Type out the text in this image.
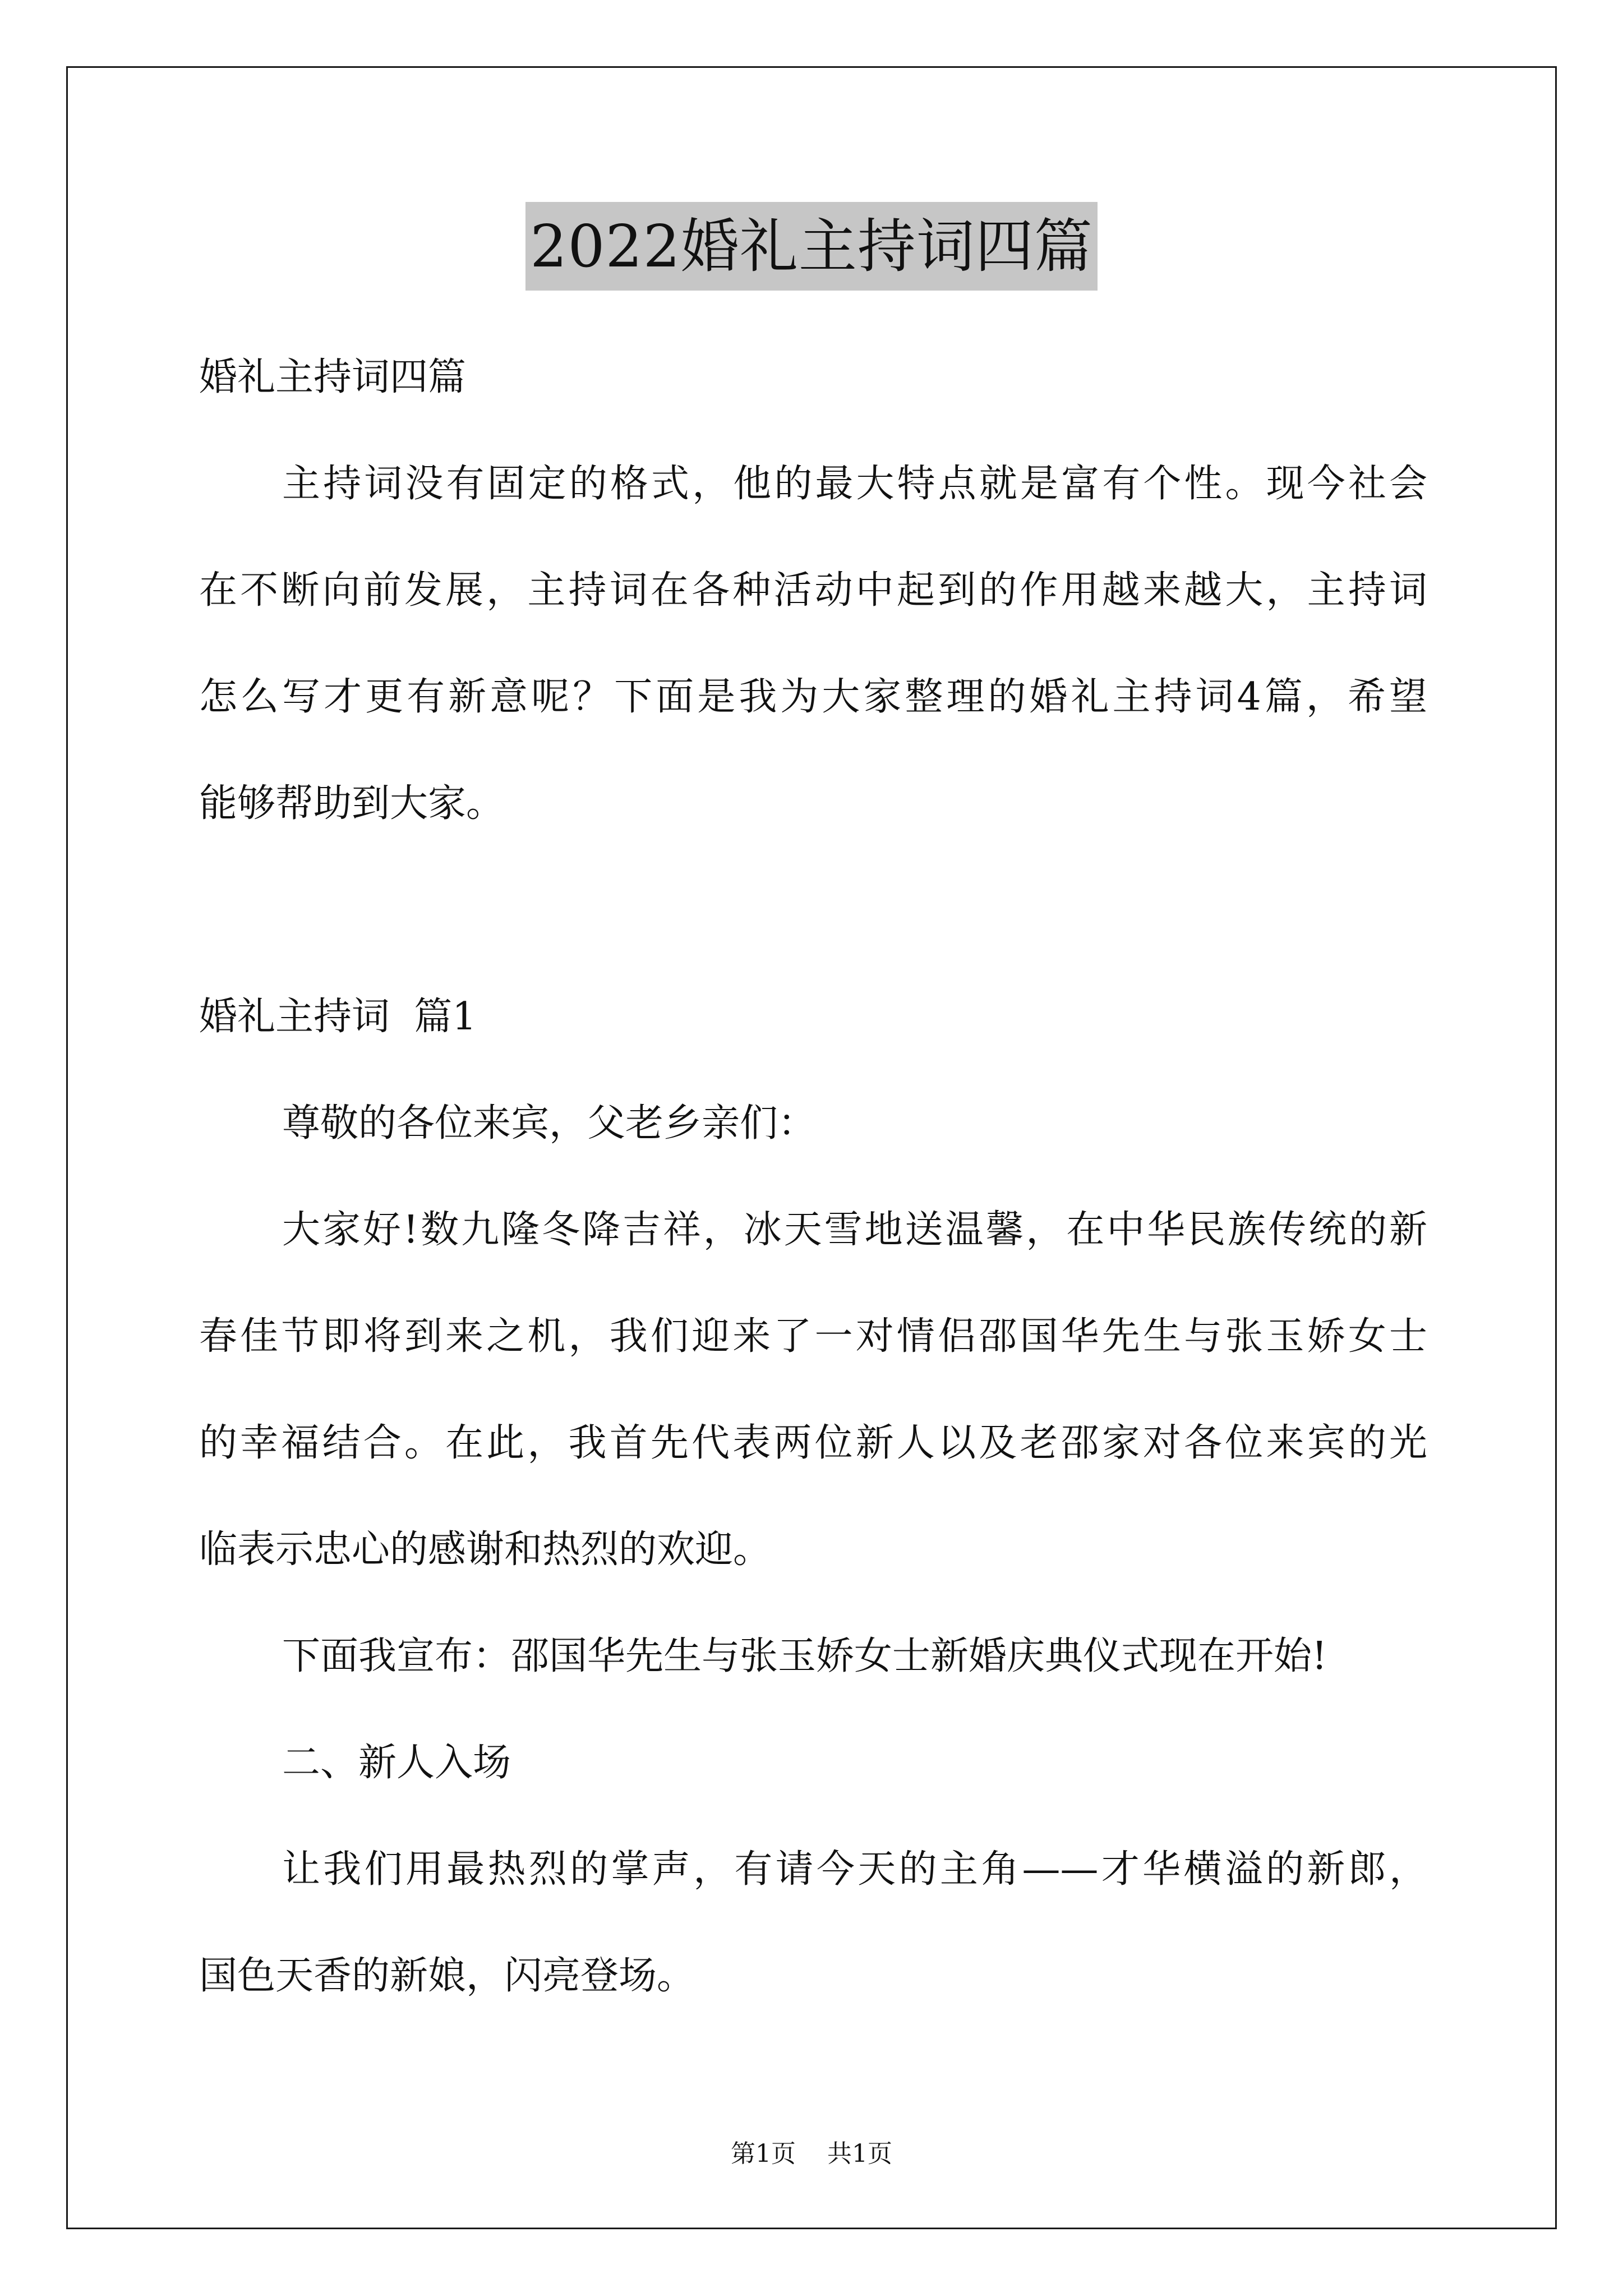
2022婚礼主持词四篇
婚礼主持词四篇
主持词没有固定的格式，他的最大特点就是富有个性。现今社会
在不断向前发展，主持词在各种活动中起到的作用越来越大，主持词
怎么写才更有新意呢？下面是我为大家整理的婚礼主持词4篇，希望
能够帮助到大家。
婚礼主持词  篇1
尊敬的各位来宾，父老乡亲们：
大家好!数九隆冬降吉祥，冰天雪地送温馨，在中华民族传统的新
春佳节即将到来之机，我们迎来了一对情侣邵国华先生与张玉娇女士
的幸福结合。在此，我首先代表两位新人以及老邵家对各位来宾的光
临表示忠心的感谢和热烈的欢迎。
下面我宣布：邵国华先生与张玉娇女士新婚庆典仪式现在开始!
二、新人入场
让我们用最热烈的掌声，有请今天的主角——才华横溢的新郎，
国色天香的新娘，闪亮登场。
第1页    共1页
